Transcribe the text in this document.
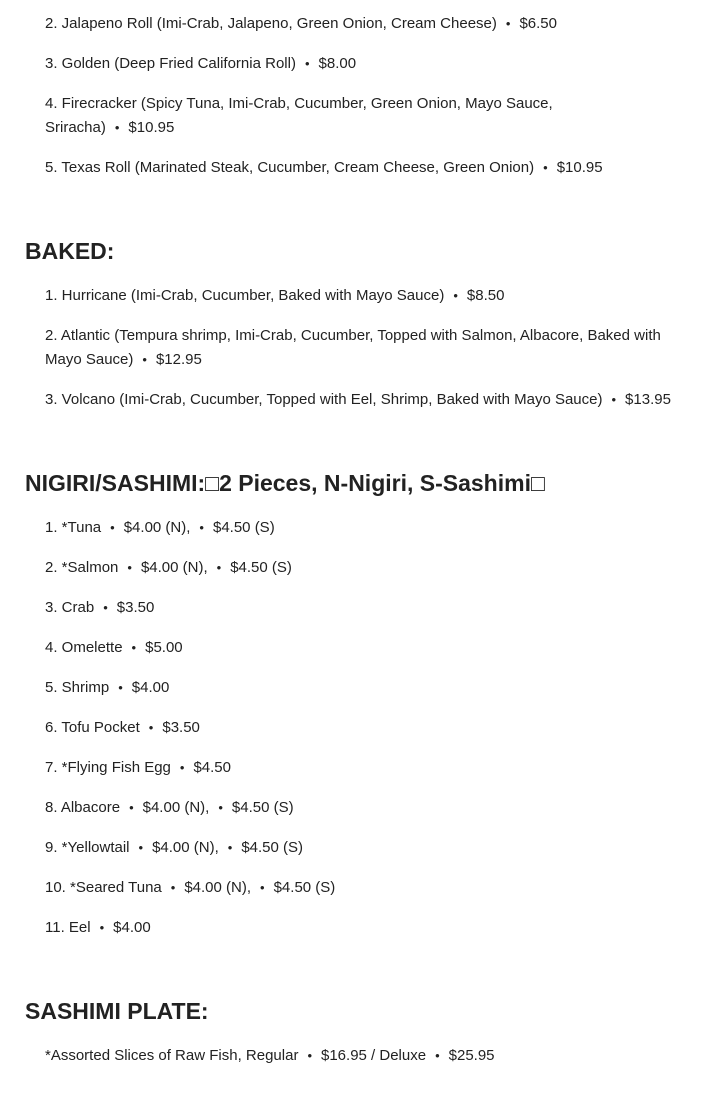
2. Jalapeno Roll (Imi-Crab, Jalapeno, Green Onion, Cream Cheese) • $6.50
3. Golden (Deep Fried California Roll) • $8.00
4. Firecracker (Spicy Tuna, Imi-Crab, Cucumber, Green Onion, Mayo Sauce, Sriracha) • $10.95
5. Texas Roll (Marinated Steak, Cucumber, Cream Cheese, Green Onion) • $10.95
BAKED:
1. Hurricane (Imi-Crab, Cucumber, Baked with Mayo Sauce) • $8.50
2. Atlantic (Tempura shrimp, Imi-Crab, Cucumber, Topped with Salmon, Albacore, Baked with Mayo Sauce) • $12.95
3. Volcano (Imi-Crab, Cucumber, Topped with Eel, Shrimp, Baked with Mayo Sauce) • $13.95
NIGIRI/SASHIMI:□2 Pieces, N-Nigiri, S-Sashimi□
1. *Tuna • $4.00 (N), • $4.50 (S)
2. *Salmon • $4.00 (N), • $4.50 (S)
3. Crab • $3.50
4. Omelette • $5.00
5. Shrimp • $4.00
6. Tofu Pocket • $3.50
7. *Flying Fish Egg • $4.50
8. Albacore • $4.00 (N), • $4.50 (S)
9. *Yellowtail • $4.00 (N), • $4.50 (S)
10. *Seared Tuna • $4.00 (N), • $4.50 (S)
11. Eel • $4.00
SASHIMI PLATE:
*Assorted Slices of Raw Fish, Regular • $16.95 / Deluxe • $25.95
